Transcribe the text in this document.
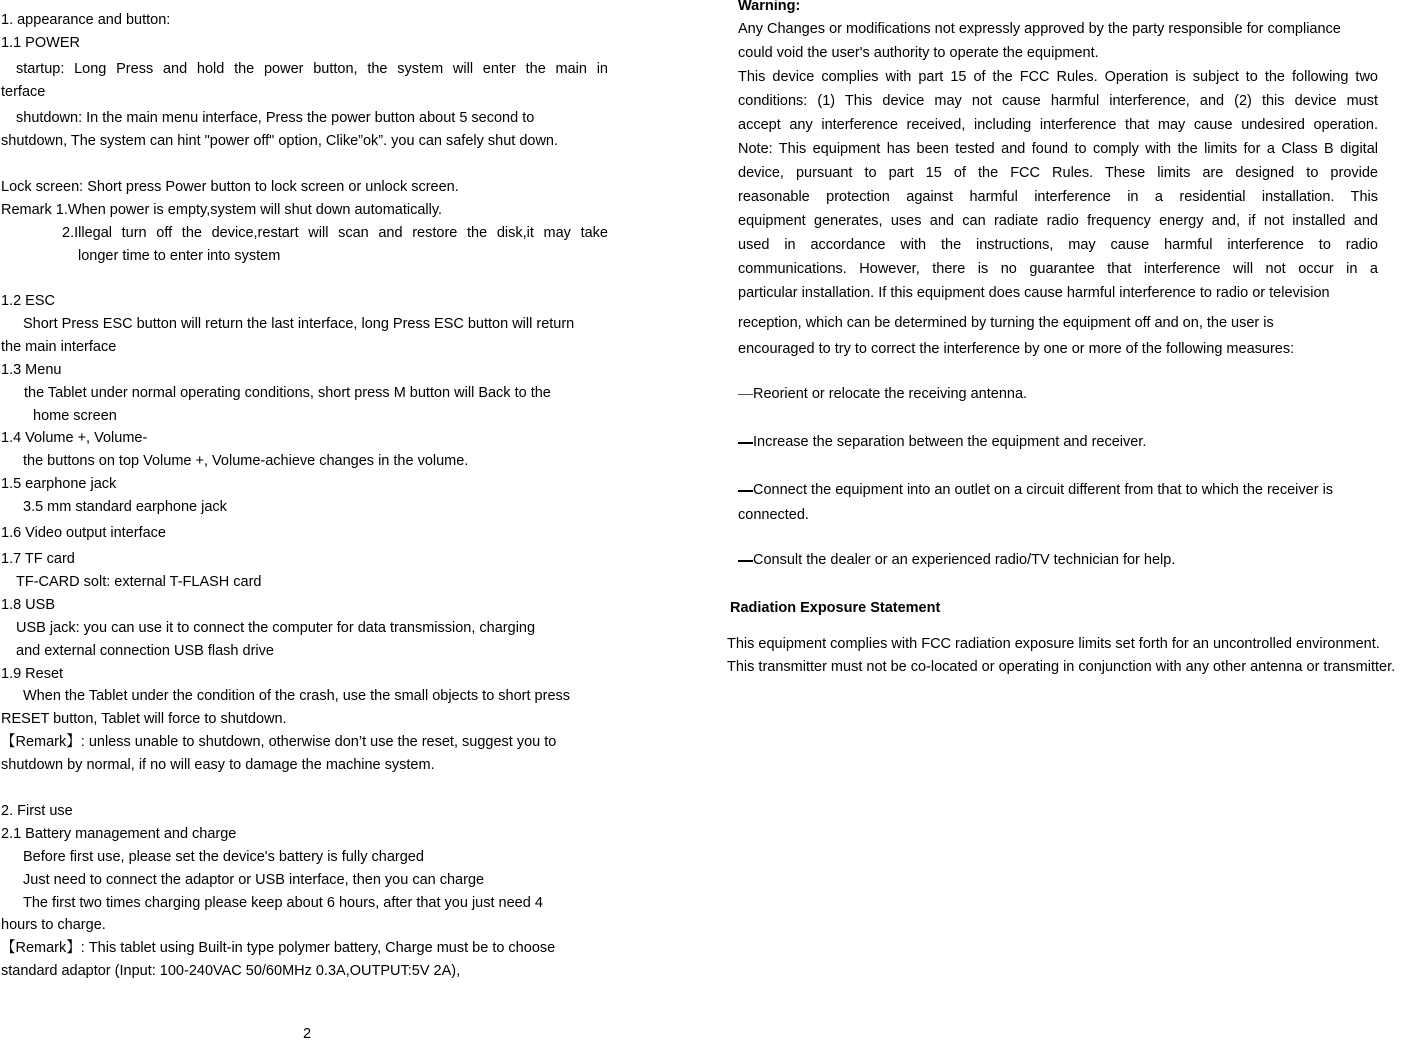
1. appearance and button:
1.1 POWER
startup: Long Press and hold the power button, the system will enter the main in
terface
shutdown: In the main menu interface, Press the power button about 5 second to
shutdown, The system can hint "power off" option, Clike”ok”. you can safely shut down.
Lock screen: Short press Power button to lock screen or unlock screen.
Remark 1.When power is empty,system will shut down automatically.
2.Illegal turn off the device,restart will scan and restore the disk,it may take
longer time to enter into system
1.2 ESC
Short Press ESC button will return the last interface, long Press ESC button will return
the main interface
1.3 Menu
the Tablet under normal operating conditions, short press M button will Back to the
home screen
1.4 Volume +, Volume-
the buttons on top Volume +, Volume-achieve changes in the volume.
1.5 earphone jack
3.5 mm standard earphone jack
1.6 Video output interface
1.7 TF card
TF-CARD solt: external T-FLASH card
1.8 USB
USB jack: you can use it to connect the computer for data transmission, charging
and external connection USB flash drive
1.9 Reset
When the Tablet under the condition of the crash, use the small objects to short press
RESET button, Tablet will force to shutdown.
【Remark】: unless unable to shutdown, otherwise don’t use the reset, suggest you to
shutdown by normal, if no will easy to damage the machine system.
2. First use
2.1 Battery management and charge
Before first use, please set the device's battery is fully charged
Just need to connect the adaptor or USB interface, then you can charge
The first two times charging please keep about 6 hours, after that you just need 4
hours to charge.
【Remark】: This tablet using Built-in type polymer battery, Charge must be to choose
standard adaptor (Input: 100-240VAC 50/60MHz 0.3A,OUTPUT:5V 2A),
2
Warning:
Any Changes or modifications not expressly approved by the party responsible for compliance
could void the user's authority to operate the equipment.
This device complies with part 15 of the FCC Rules. Operation is subject to the following two
conditions: (1) This device may not cause harmful interference, and (2) this device must
accept any interference received, including interference that may cause undesired operation.
Note: This equipment has been tested and found to comply with the limits for a Class B digital
device, pursuant to part 15 of the FCC Rules. These limits are designed to provide
reasonable protection against harmful interference in a residential installation. This
equipment generates, uses and can radiate radio frequency energy and, if not installed and
used in accordance with the instructions, may cause harmful interference to radio
communications. However, there is no guarantee that interference will not occur in a
particular installation. If this equipment does cause harmful interference to radio or television
reception, which can be determined by turning the equipment off and on, the user is
encouraged to try to correct the interference by one or more of the following measures:
Reorient or relocate the receiving antenna.
Increase the separation between the equipment and receiver.
Connect the equipment into an outlet on a circuit different from that to which the receiver is
connected.
Consult the dealer or an experienced radio/TV technician for help.
Radiation Exposure Statement
This equipment complies with FCC radiation exposure limits set forth for an uncontrolled environment.
This transmitter must not be co-located or operating in conjunction with any other antenna or transmitter.
